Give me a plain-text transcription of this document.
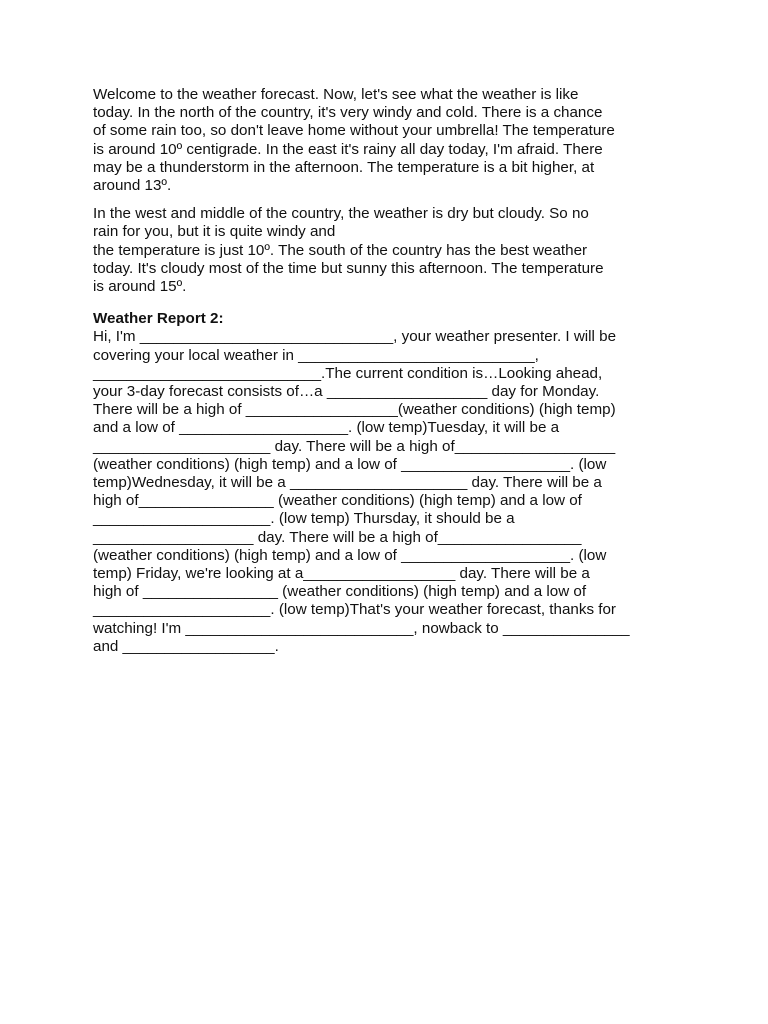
Welcome to the weather forecast. Now, let's see what the weather is like
today. In the north of the country, it's very windy and cold. There is a chance
of some rain too, so don't leave home without your umbrella! The temperature
is around 10º centigrade. In the east it's rainy all day today, I'm afraid. There
may be a thunderstorm in the afternoon. The temperature is a bit higher, at
around 13º.
In the west and middle of the country, the weather is dry but cloudy. So no
rain for you, but it is quite windy and
the temperature is just 10º. The south of the country has the best weather
today. It's cloudy most of the time but sunny this afternoon. The temperature
is around 15º.
Weather Report 2:
Hi, I'm ______________________________, your weather presenter. I will be
covering your local weather in ____________________________,
___________________________.The current condition is…Looking ahead,
your 3-day forecast consists of…a ___________________ day for Monday.
There will be a high of __________________(weather conditions) (high temp)
and a low of ____________________. (low temp)Tuesday, it will be a
_____________________ day. There will be a high of___________________
(weather conditions) (high temp) and a low of ____________________. (low
temp)Wednesday, it will be a _____________________ day. There will be a
high of________________ (weather conditions) (high temp) and a low of
_____________________. (low temp) Thursday, it should be a
___________________ day. There will be a high of_________________
(weather conditions) (high temp) and a low of ____________________. (low
temp) Friday, we're looking at a__________________ day. There will be a
high of ________________ (weather conditions) (high temp) and a low of
_____________________. (low temp)That's your weather forecast, thanks for
watching! I'm ___________________________, nowback to _______________
and __________________.
